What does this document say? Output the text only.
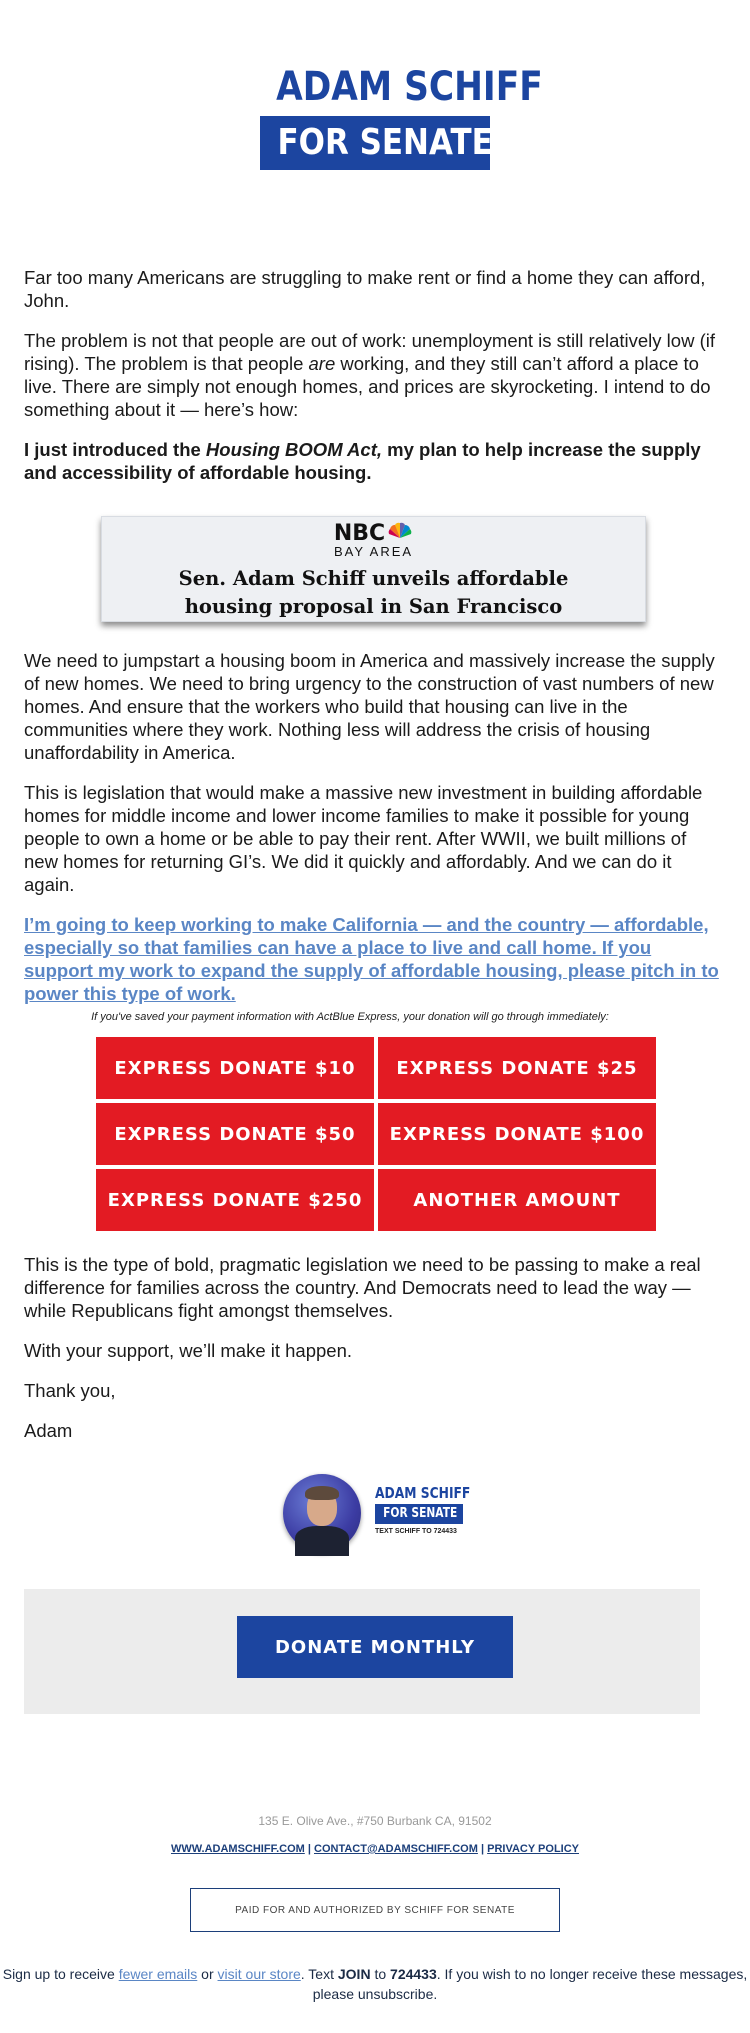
ADAM SCHIFF
FOR SENATE

Far too many Americans are struggling to make rent or find a home they can afford, John.

The problem is not that people are out of work: unemployment is still relatively low (if rising). The problem is that people are working, and they still can’t afford a place to live. There are simply not enough homes, and prices are skyrocketing. I intend to do something about it — here’s how:

I just introduced the Housing BOOM Act, my plan to help increase the supply and accessibility of affordable housing.

NBC
BAY AREA
Sen. Adam Schiff unveils affordable
housing proposal in San Francisco

We need to jumpstart a housing boom in America and massively increase the supply of new homes. We need to bring urgency to the construction of vast numbers of new homes. And ensure that the workers who build that housing can live in the communities where they work. Nothing less will address the crisis of housing unaffordability in America.

This is legislation that would make a massive new investment in building affordable homes for middle income and lower income families to make it possible for young people to own a home or be able to pay their rent. After WWII, we built millions of new homes for returning GI’s. We did it quickly and affordably. And we can do it again.

I’m going to keep working to make California — and the country — affordable, especially so that families can have a place to live and call home. If you support my work to expand the supply of affordable housing, please pitch in to power this type of work.

If you've saved your payment information with ActBlue Express, your donation will go through immediately:
EXPRESS DONATE $10	EXPRESS DONATE $25
EXPRESS DONATE $50	EXPRESS DONATE $100
EXPRESS DONATE $250	ANOTHER AMOUNT

This is the type of bold, pragmatic legislation we need to be passing to make a real difference for families across the country. And Democrats need to lead the way — while Republicans fight amongst themselves.

With your support, we’ll make it happen.

Thank you,

Adam

ADAM SCHIFF
FOR SENATE
TEXT SCHIFF TO 724433
DONATE MONTHLY
135 E. Olive Ave., #750 Burbank CA, 91502
WWW.ADAMSCHIFF.COM | CONTACT@ADAMSCHIFF.COM | PRIVACY POLICY
PAID FOR AND AUTHORIZED BY SCHIFF FOR SENATE
Sign up to receive fewer emails or visit our store. Text JOIN to 724433. If you wish to no longer receive these messages, please unsubscribe.
